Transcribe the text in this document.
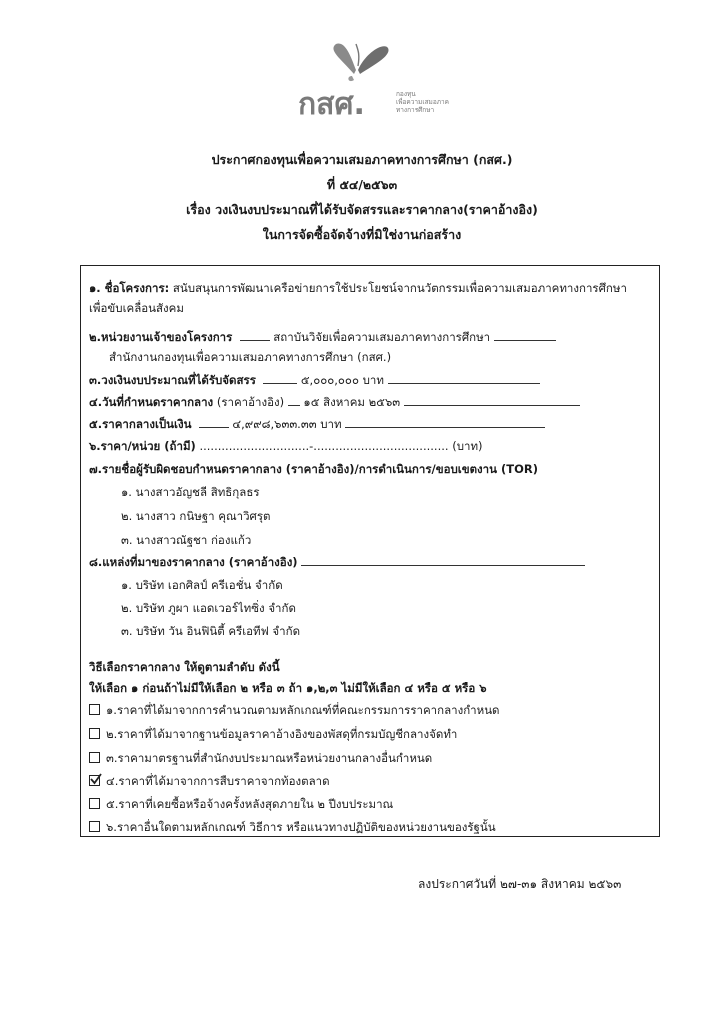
กสศ.	กองทุน
เพื่อความเสมอภาค
ทางการศึกษา
ประกาศกองทุนเพื่อความเสมอภาคทางการศึกษา (กสศ.)
ที่ ๕๔/๒๕๖๓
เรื่อง วงเงินงบประมาณที่ได้รับจัดสรรและราคากลาง(ราคาอ้างอิง)
ในการจัดซื้อจัดจ้างที่มิใช่งานก่อสร้าง
๑. ชื่อโครงการ: สนับสนุนการพัฒนาเครือข่ายการใช้ประโยชน์จากนวัตกรรมเพื่อความเสมอภาคทางการศึกษา
เพื่อขับเคลื่อนสังคม
๒.หน่วยงานเจ้าของโครงการ	สถาบันวิจัยเพื่อความเสมอภาคทางการศึกษา
สำนักงานกองทุนเพื่อความเสมอภาคทางการศึกษา (กสศ.)
๓.วงเงินงบประมาณที่ได้รับจัดสรร	๕,๐๐๐,๐๐๐ บาท
๔.วันที่กำหนดราคากลาง (ราคาอ้างอิง) ๑๕ สิงหาคม ๒๕๖๓
๕.ราคากลางเป็นเงิน	๔,๙๙๘,๖๓๓.๓๓ บาท
๖.ราคา/หน่วย (ถ้ามี) ..............................-..................................... (บาท)
๗.รายชื่อผู้รับผิดชอบกำหนดราคากลาง (ราคาอ้างอิง)/การดำเนินการ/ขอบเขตงาน (TOR)
๑. นางสาวอัญชลี สิทธิกุลธร
๒. นางสาว กนิษฐา คุณาวิศรุต
๓. นางสาวณัฐชา ก่องแก้ว
๘.แหล่งที่มาของราคากลาง (ราคาอ้างอิง)
๑. บริษัท เอกศิลป์ ครีเอชั่น จำกัด
๒. บริษัท ภูผา แอดเวอร์ไทซิ่ง จำกัด
๓. บริษัท วัน อินฟินิตี้ ครีเอทีฟ จำกัด
วิธีเลือกราคากลาง ให้ดูตามลำดับ ดังนี้
ให้เลือก ๑ ก่อนถ้าไม่มีให้เลือก ๒ หรือ ๓ ถ้า ๑,๒,๓ ไม่มีให้เลือก ๔ หรือ ๕ หรือ ๖
๑.ราคาที่ได้มาจากการคำนวณตามหลักเกณฑ์ที่คณะกรรมการราคากลางกำหนด
๒.ราคาที่ได้มาจากฐานข้อมูลราคาอ้างอิงของพัสดุที่กรมบัญชีกลางจัดทำ
๓.ราคามาตรฐานที่สำนักงบประมาณหรือหน่วยงานกลางอื่นกำหนด
๔.ราคาที่ได้มาจากการสืบราคาจากท้องตลาด
๕.ราคาที่เคยซื้อหรือจ้างครั้งหลังสุดภายใน ๒ ปีงบประมาณ
๖.ราคาอื่นใดตามหลักเกณฑ์ วิธีการ หรือแนวทางปฏิบัติของหน่วยงานของรัฐนั้น
ลงประกาศวันที่ ๒๗-๓๑ สิงหาคม ๒๕๖๓
